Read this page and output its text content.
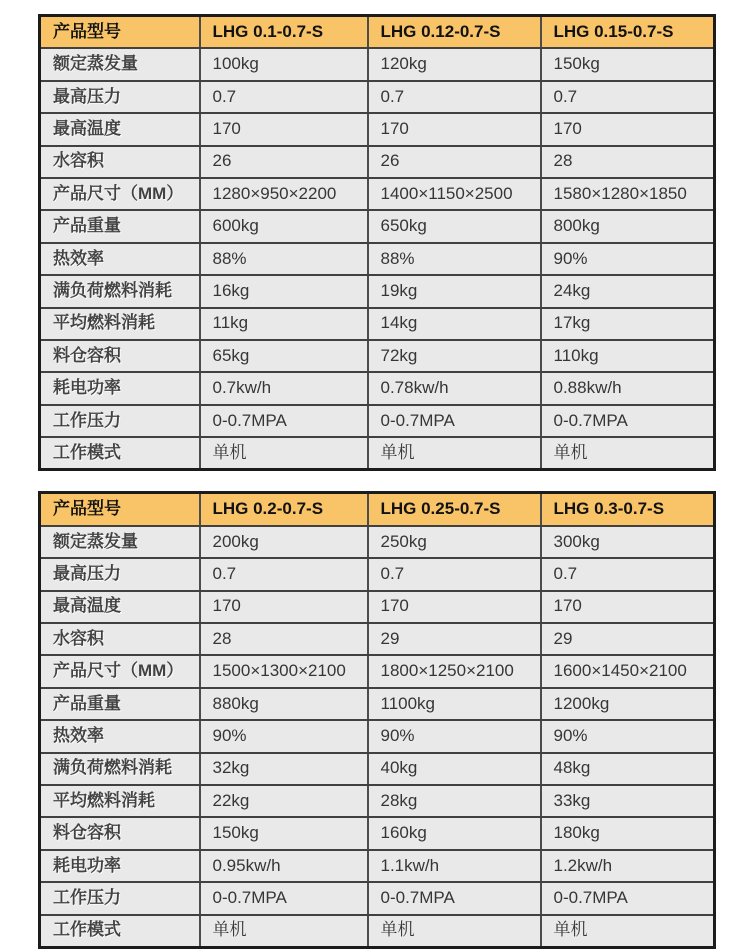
产品型号	LHG 0.1-0.7-S	LHG 0.12-0.7-S	LHG 0.15-0.7-S
额定蒸发量	100kg	120kg	150kg
最高压力	0.7	0.7	0.7
最高温度	170	170	170
水容积	26	26	28
产品尺寸（MM）	1280×950×2200	1400×1150×2500	1580×1280×1850
产品重量	600kg	650kg	800kg
热效率	88%	88%	90%
满负荷燃料消耗	16kg	19kg	24kg
平均燃料消耗	11kg	14kg	17kg
料仓容积	65kg	72kg	110kg
耗电功率	0.7kw/h	0.78kw/h	0.88kw/h
工作压力	0-0.7MPA	0-0.7MPA	0-0.7MPA
工作模式	单机	单机	单机
产品型号	LHG 0.2-0.7-S	LHG 0.25-0.7-S	LHG 0.3-0.7-S
额定蒸发量	200kg	250kg	300kg
最高压力	0.7	0.7	0.7
最高温度	170	170	170
水容积	28	29	29
产品尺寸（MM）	1500×1300×2100	1800×1250×2100	1600×1450×2100
产品重量	880kg	1100kg	1200kg
热效率	90%	90%	90%
满负荷燃料消耗	32kg	40kg	48kg
平均燃料消耗	22kg	28kg	33kg
料仓容积	150kg	160kg	180kg
耗电功率	0.95kw/h	1.1kw/h	1.2kw/h
工作压力	0-0.7MPA	0-0.7MPA	0-0.7MPA
工作模式	单机	单机	单机
